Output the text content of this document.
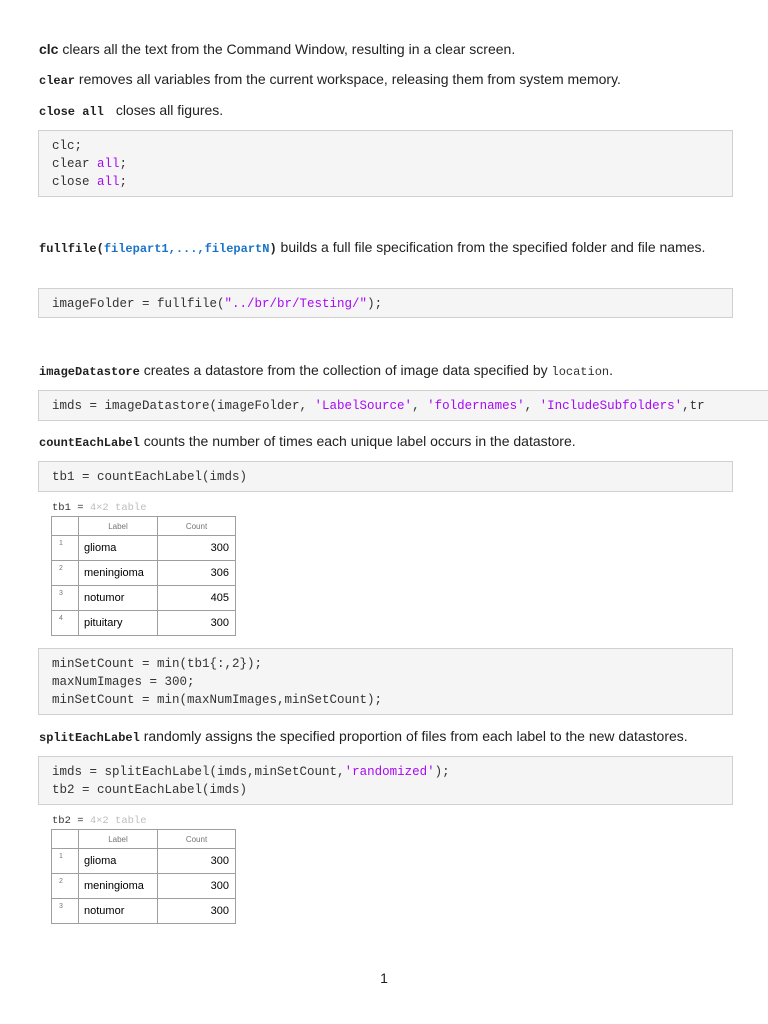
clc clears all the text from the Command Window, resulting in a clear screen.

clear removes all variables from the current workspace, releasing them from system memory.

close all closes all figures.

clc;
clear all;
close all;

fullfile(filepart1,...,filepartN) builds a full file specification from the specified folder and file names.

imageFolder = fullfile("../br/br/Testing/");

imageDatastore creates a datastore from the collection of image data specified by location.

imds = imageDatastore(imageFolder, 'LabelSource', 'foldernames', 'IncludeSubfolders',tr

countEachLabel counts the number of times each unique label occurs in the datastore.

tb1 = countEachLabel(imds)
tb1 = 4×2 table
	Label	Count
1	glioma	300
2	meningioma	306
3	notumor	405
4	pituitary	300
minSetCount = min(tb1{:,2});
maxNumImages = 300;
minSetCount = min(maxNumImages,minSetCount);

splitEachLabel randomly assigns the specified proportion of files from each label to the new datastores.

imds = splitEachLabel(imds,minSetCount,'randomized');
tb2 = countEachLabel(imds)
tb2 = 4×2 table
	Label	Count
1	glioma	300
2	meningioma	300
3	notumor	300
1
